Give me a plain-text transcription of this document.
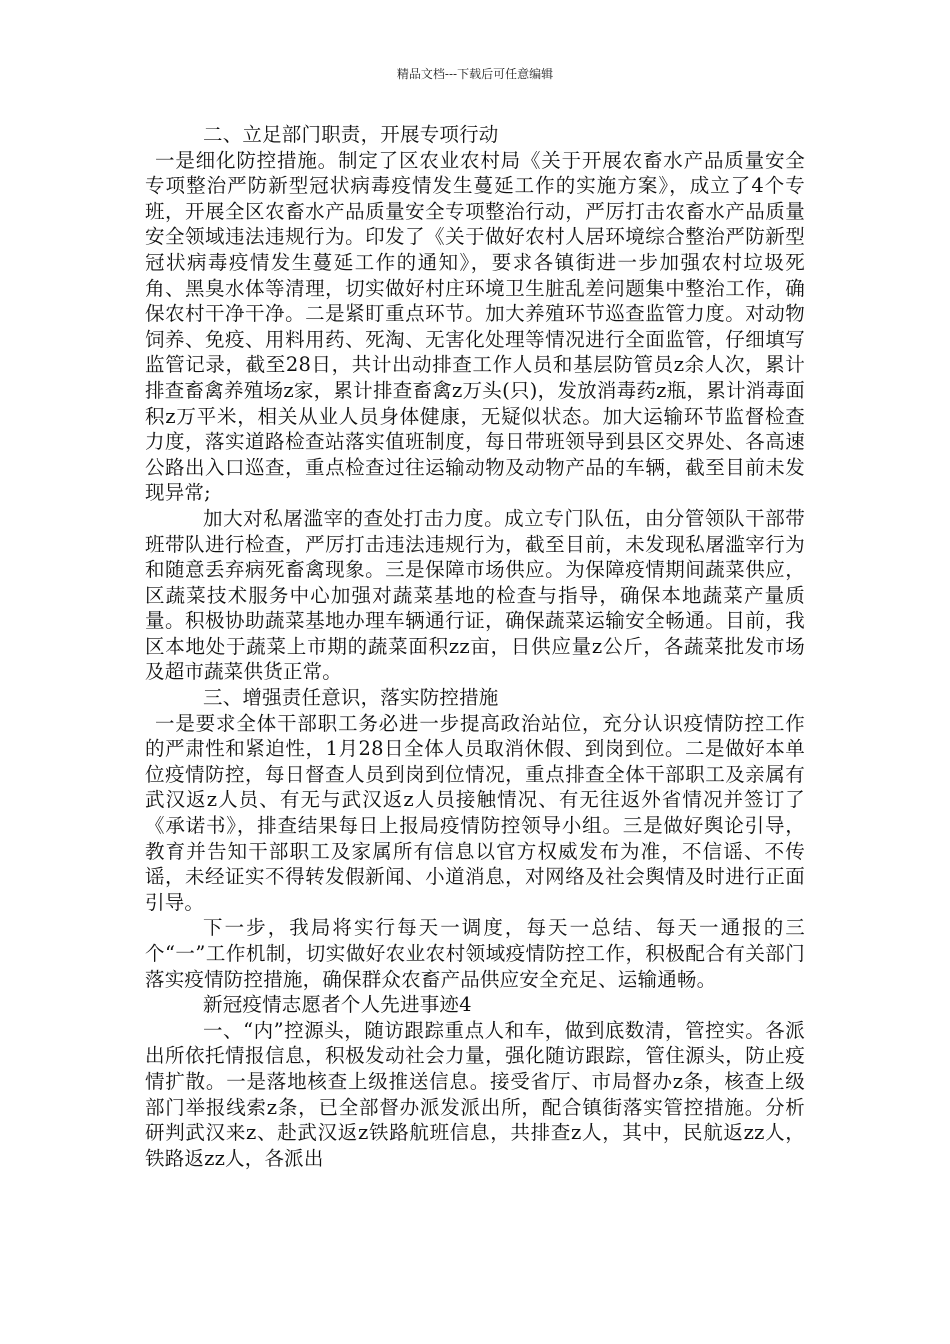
精品文档---下载后可任意编辑

二、立足部门职责，开展专项行动

一是细化防控措施。制定了区农业农村局《关于开展农畜水产品质量安全专项整治严防新型冠状病毒疫情发生蔓延工作的实施方案》，成立了4个专班，开展全区农畜水产品质量安全专项整治行动，严厉打击农畜水产品质量安全领域违法违规行为。印发了《关于做好农村人居环境综合整治严防新型冠状病毒疫情发生蔓延工作的通知》，要求各镇街进一步加强农村垃圾死角、黑臭水体等清理，切实做好村庄环境卫生脏乱差问题集中整治工作，确保农村干净干净。二是紧盯重点环节。加大养殖环节巡查监管力度。对动物饲养、免疫、用料用药、死淘、无害化处理等情况进行全面监管，仔细填写监管记录，截至28日，共计出动排查工作人员和基层防管员z余人次，累计排查畜禽养殖场z家，累计排查畜禽z万头(只)，发放消毒药z瓶，累计消毒面积z万平米，相关从业人员身体健康，无疑似状态。加大运输环节监督检查力度，落实道路检查站落实值班制度，每日带班领导到县区交界处、各高速公路出入口巡查，重点检查过往运输动物及动物产品的车辆，截至目前未发现异常;

加大对私屠滥宰的查处打击力度。成立专门队伍，由分管领队干部带班带队进行检查，严厉打击违法违规行为，截至目前，未发现私屠滥宰行为和随意丢弃病死畜禽现象。三是保障市场供应。为保障疫情期间蔬菜供应，区蔬菜技术服务中心加强对蔬菜基地的检查与指导，确保本地蔬菜产量质量。积极协助蔬菜基地办理车辆通行证，确保蔬菜运输安全畅通。目前，我区本地处于蔬菜上市期的蔬菜面积zz亩，日供应量z公斤，各蔬菜批发市场及超市蔬菜供货正常。

三、增强责任意识，落实防控措施

一是要求全体干部职工务必进一步提高政治站位，充分认识疫情防控工作的严肃性和紧迫性，1月28日全体人员取消休假、到岗到位。二是做好本单位疫情防控，每日督查人员到岗到位情况，重点排查全体干部职工及亲属有武汉返z人员、有无与武汉返z人员接触情况、有无往返外省情况并签订了《承诺书》，排查结果每日上报局疫情防控领导小组。三是做好舆论引导，教育并告知干部职工及家属所有信息以官方权威发布为准，不信谣、不传谣，未经证实不得转发假新闻、小道消息，对网络及社会舆情及时进行正面引导。

下一步，我局将实行每天一调度，每天一总结、每天一通报的三个“一”工作机制，切实做好农业农村领域疫情防控工作，积极配合有关部门落实疫情防控措施，确保群众农畜产品供应安全充足、运输通畅。

新冠疫情志愿者个人先进事迹4

一、“内”控源头，随访跟踪重点人和车，做到底数清，管控实。各派出所依托情报信息，积极发动社会力量，强化随访跟踪，管住源头，防止疫情扩散。一是落地核查上级推送信息。接受省厅、市局督办z条，核查上级部门举报线索z条，已全部督办派发派出所，配合镇街落实管控措施。分析研判武汉来z、赴武汉返z铁路航班信息，共排查z人，其中，民航返zz人，铁路返zz人，各派出
